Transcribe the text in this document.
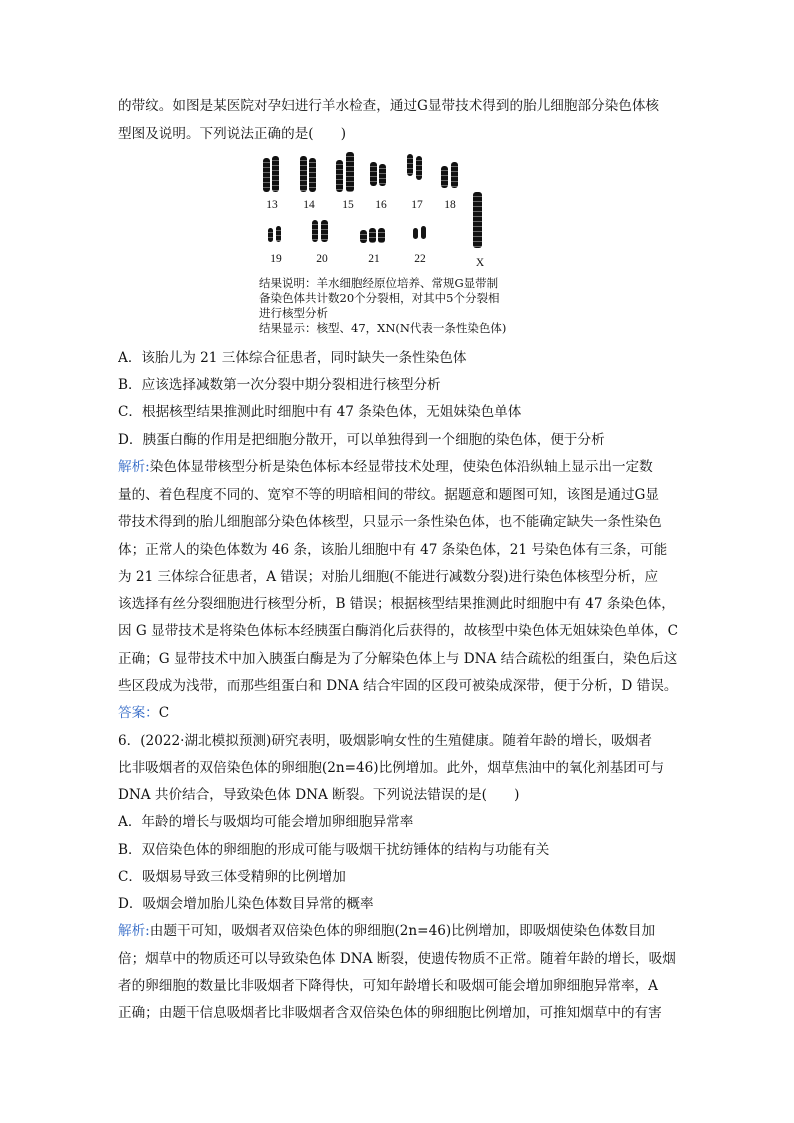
的带纹。如图是某医院对孕妇进行羊水检查，通过G显带技术得到的胎儿细胞部分染色体核
型图及说明。下列说法正确的是(　　)
13	14	15	16	17	18
19	20	21	22	X
结果说明：羊水细胞经原位培养、常规G显带制
备染色体共计数20个分裂相，对其中5个分裂相
进行核型分析
结果显示：核型、47，XN(N代表一条性染色体)
A．该胎儿为 21 三体综合征患者，同时缺失一条性染色体
B．应该选择减数第一次分裂中期分裂相进行核型分析
C．根据核型结果推测此时细胞中有 47 条染色体，无姐妹染色单体
D．胰蛋白酶的作用是把细胞分散开，可以单独得到一个细胞的染色体，便于分析
解析:染色体显带核型分析是染色体标本经显带技术处理，使染色体沿纵轴上显示出一定数
量的、着色程度不同的、宽窄不等的明暗相间的带纹。据题意和题图可知，该图是通过G显
带技术得到的胎儿细胞部分染色体核型，只显示一条性染色体，也不能确定缺失一条性染色
体；正常人的染色体数为 46 条，该胎儿细胞中有 47 条染色体，21 号染色体有三条，可能
为 21 三体综合征患者，A 错误；对胎儿细胞(不能进行减数分裂)进行染色体核型分析，应
该选择有丝分裂细胞进行核型分析，B 错误；根据核型结果推测此时细胞中有 47 条染色体，
因 G 显带技术是将染色体标本经胰蛋白酶消化后获得的，故核型中染色体无姐妹染色单体，C
正确；G 显带技术中加入胰蛋白酶是为了分解染色体上与 DNA 结合疏松的组蛋白，染色后这
些区段成为浅带，而那些组蛋白和 DNA 结合牢固的区段可被染成深带，便于分析，D 错误。
答案：C
6．(2022·湖北模拟预测)研究表明，吸烟影响女性的生殖健康。随着年龄的增长，吸烟者
比非吸烟者的双倍染色体的卵细胞(2n=46)比例增加。此外，烟草焦油中的氧化剂基团可与
DNA 共价结合，导致染色体 DNA 断裂。下列说法错误的是(　　)
A．年龄的增长与吸烟均可能会增加卵细胞异常率
B．双倍染色体的卵细胞的形成可能与吸烟干扰纺锤体的结构与功能有关
C．吸烟易导致三体受精卵的比例增加
D．吸烟会增加胎儿染色体数目异常的概率
解析:由题干可知，吸烟者双倍染色体的卵细胞(2n=46)比例增加，即吸烟使染色体数目加
倍；烟草中的物质还可以导致染色体 DNA 断裂，使遗传物质不正常。随着年龄的增长，吸烟
者的卵细胞的数量比非吸烟者下降得快，可知年龄增长和吸烟可能会增加卵细胞异常率，A
正确；由题干信息吸烟者比非吸烟者含双倍染色体的卵细胞比例增加，可推知烟草中的有害
